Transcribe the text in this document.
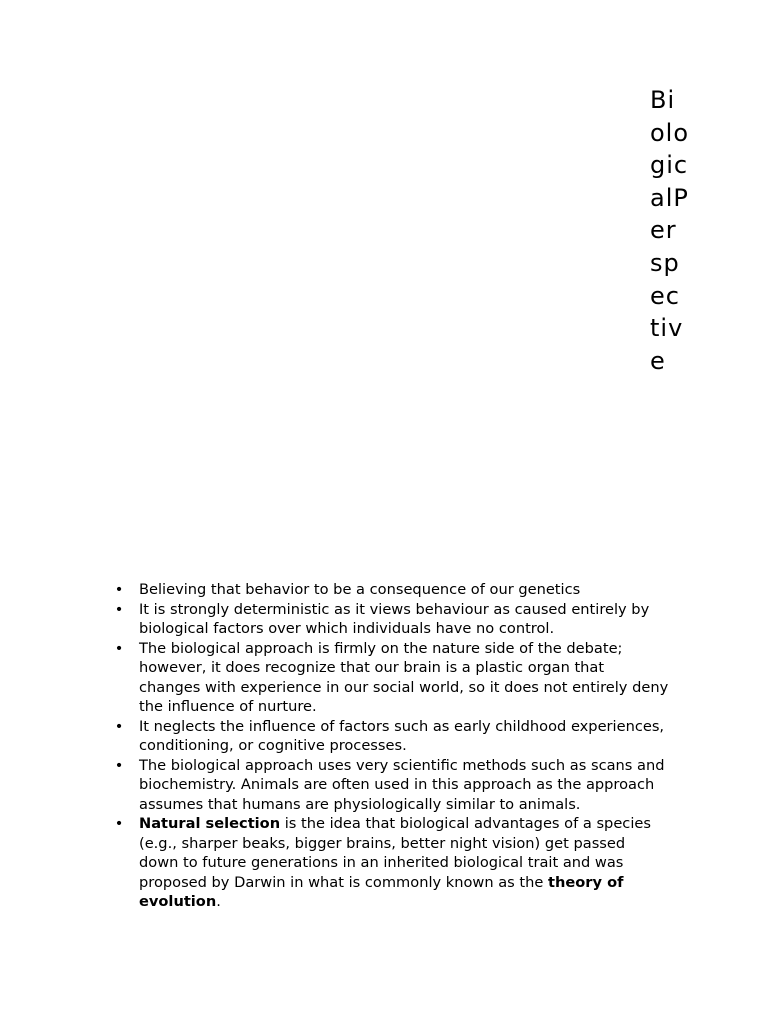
BiologicalPerspective
• Believing that behavior to be a consequence of our genetics
• It is strongly deterministic as it views behaviour as caused entirely by biological factors over which individuals have no control.
• The biological approach is firmly on the nature side of the debate; however, it does recognize that our brain is a plastic organ that changes with experience in our social world, so it does not entirely deny the influence of nurture.
• It neglects the influence of factors such as early childhood experiences, conditioning, or cognitive processes.
• The biological approach uses very scientific methods such as scans and biochemistry. Animals are often used in this approach as the approach assumes that humans are physiologically similar to animals.
• Natural selection is the idea that biological advantages of a species (e.g., sharper beaks, bigger brains, better night vision) get passed down to future generations in an inherited biological trait and was proposed by Darwin in what is commonly known as the theory of evolution.
